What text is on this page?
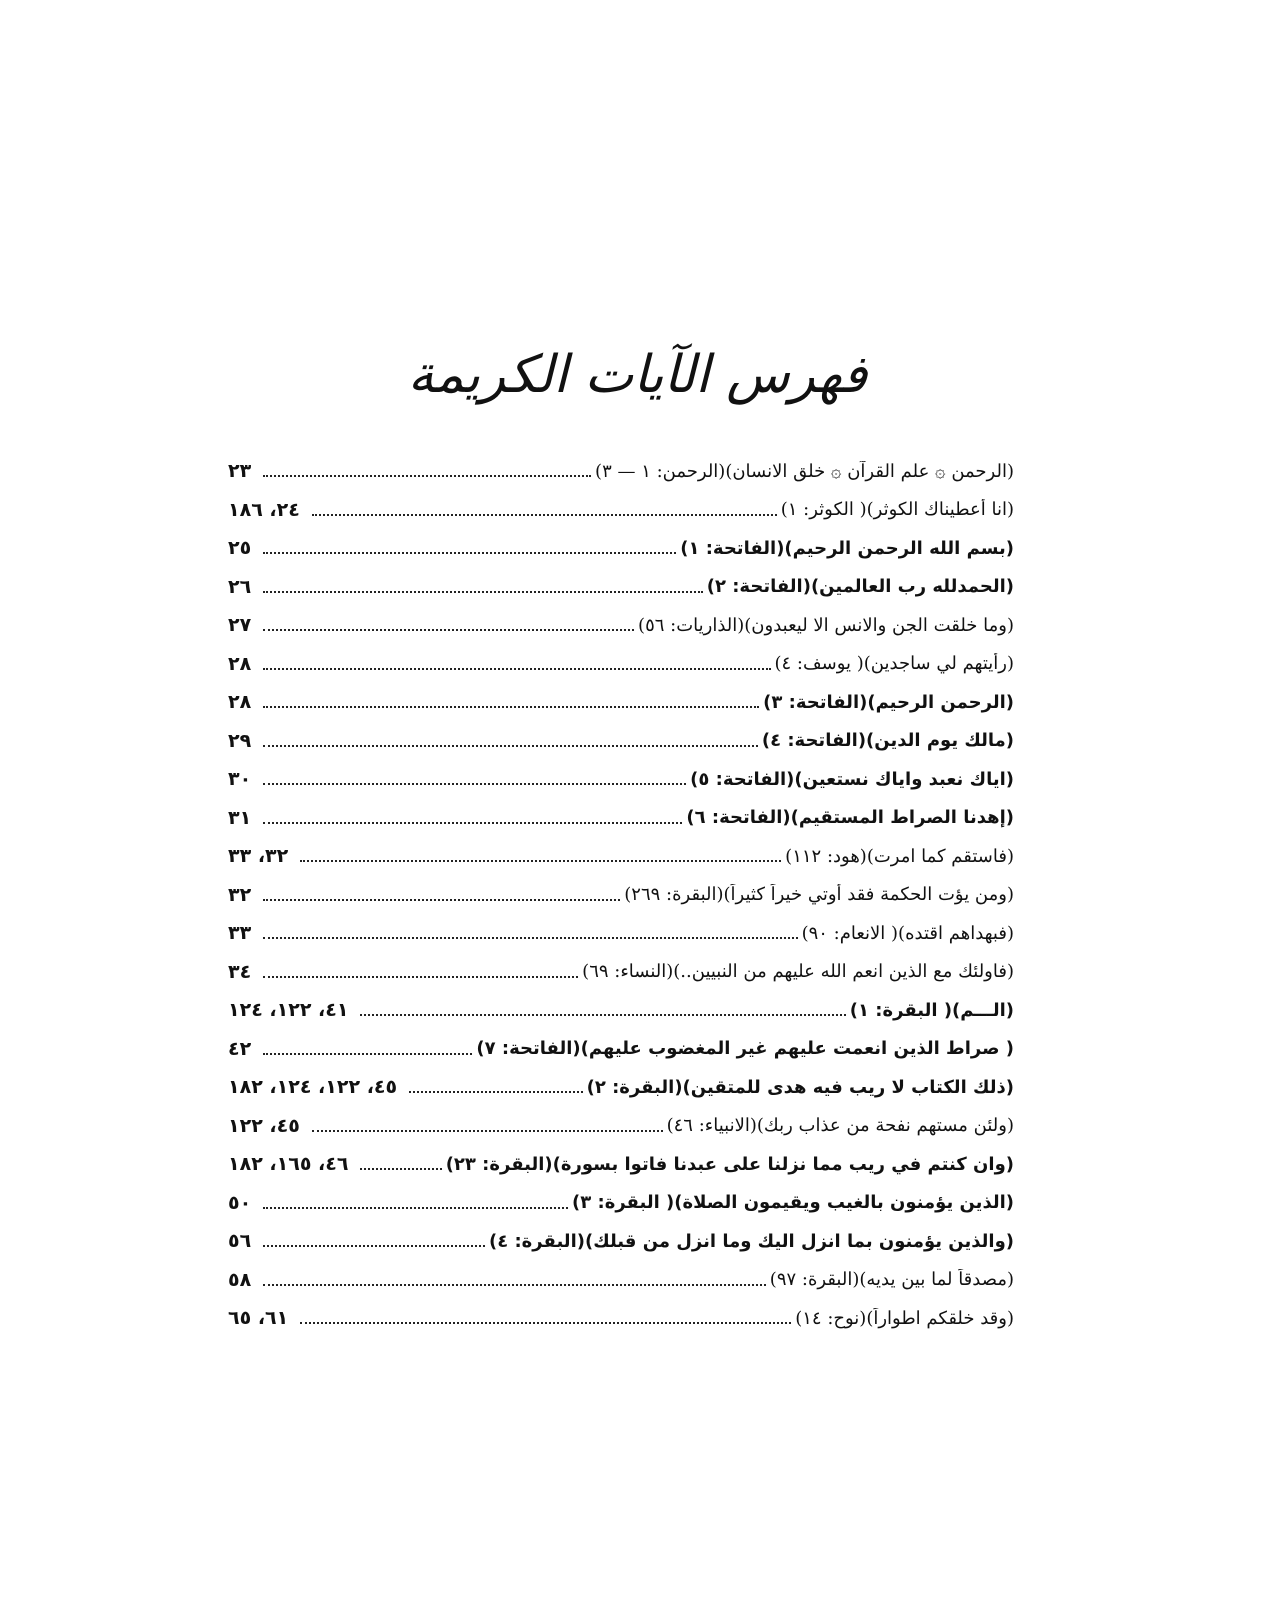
فهرس الآيات الكريمة
٢٣	(الرحمن ۞ علم القرآن ۞ خلق الانسان)(الرحمن: ١ — ٣)
٢٤، ١٨٦	(انا أعطيناك الكوثر)( الكوثر: ١)
٢٥	(بسم الله الرحمن الرحيم)(الفاتحة: ١)
٢٦	(الحمدلله رب العالمين)(الفاتحة: ٢)
٢٧	(وما خلقت الجن والانس الا ليعبدون)(الذاريات: ٥٦)
٢٨	(رأيتهم لي ساجدين)( يوسف: ٤)
٢٨	(الرحمن الرحيم)(الفاتحة: ٣)
٢٩	(مالك يوم الدين)(الفاتحة: ٤)
٣٠	(اياك نعبد واياك نستعين)(الفاتحة: ٥)
٣١	(إهدنا الصراط المستقيم)(الفاتحة: ٦)
٣٢، ٣٣	(فاستقم كما امرت)(هود: ١١٢)
٣٢	(ومن يؤت الحكمة فقد أُوتي خيراً كثيراً)(البقرة: ٢٦٩)
٣٣	(فبهداهم اقتده)( الانعام: ٩٠)
٣٤	(فاولئك مع الذين انعم الله عليهم من النبيين..)(النساء: ٦٩)
٤١، ١٢٢، ١٢٤	(الـــم)( البقرة: ١)
٤٢	( صراط الذين انعمت عليهم غير المغضوب عليهم)(الفاتحة: ٧)
٤٥، ١٢٢، ١٢٤، ١٨٢	(ذلك الكتاب لا ريب فيه هدى للمتقين)(البقرة: ٢)
٤٥، ١٢٢	(ولئن مستهم نفحة من عذاب ربك)(الانبياء: ٤٦)
٤٦، ١٦٥، ١٨٢	(وان كنتم في ريب مما نزلنا على عبدنا فاتوا بسورة)(البقرة: ٢٣)
٥٠	(الذين يؤمنون بالغيب ويقيمون الصلاة)( البقرة: ٣)
٥٦	(والذين يؤمنون بما انزل اليك وما انزل من قبلك)(البقرة: ٤)
٥٨	(مصدقاً لما بين يديه)(البقرة: ٩٧)
٦١، ٦٥	(وقد خلقكم اطواراً)(نوح: ١٤)
